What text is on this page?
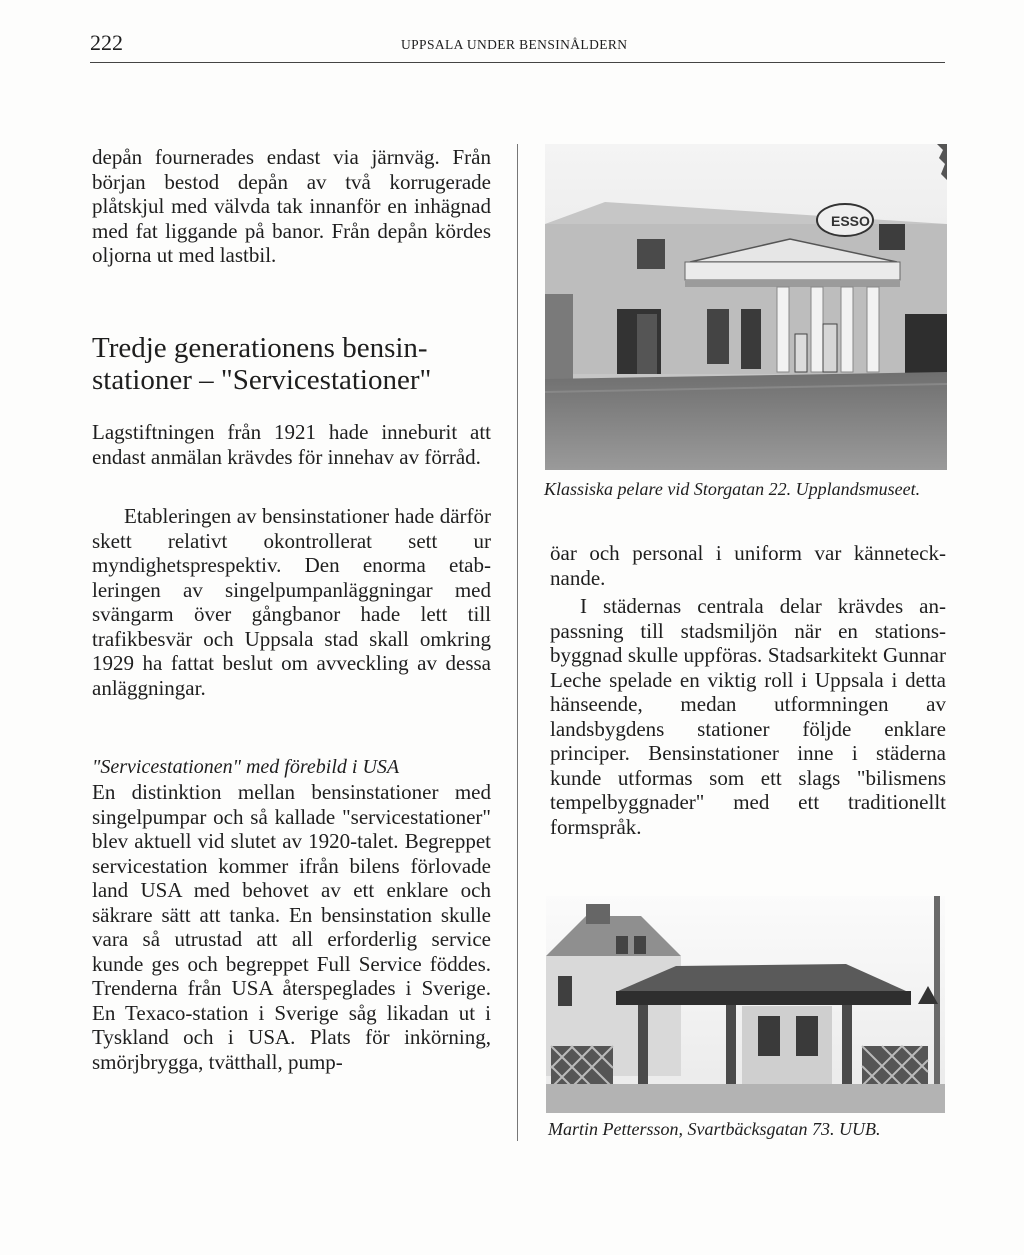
222	UPPSALA UNDER BENSINÅLDERN

depån fournerades endast via järnväg. Från början bestod depån av två korrugerade plåtskjul med välvda tak innanför en inhägnad med fat liggande på banor. Från depån kördes oljorna ut med lastbil.

Tredje generationens bensin-
stationer – "Servicestationer"

Lagstiftningen från 1921 hade inneburit att endast anmälan krävdes för innehav av förråd.

Etableringen av bensinstationer hade därför skett relativt okontrollerat sett ur myndighetsprespektiv. Den enorma etableringen av singelpumpanläggningar med svängarm över gångbanor hade lett till trafikbesvär och Uppsala stad skall omkring 1929 ha fattat beslut om avveckling av dessa anläggningar.

"Servicestationen" med förebild i USA

En distinktion mellan bensinstationer med singelpumpar och så kallade "servicestationer" blev aktuell vid slutet av 1920-talet. Begreppet servicestation kommer ifrån bilens förlovade land USA med behovet av ett enklare och säkrare sätt att tanka. En bensinstation skulle vara så utrustad att all erforderlig service kunde ges och begreppet Full Service föddes. Trenderna från USA återspeglades i Sverige. En Texaco-station i Sverige såg likadan ut i Tyskland och i USA. Plats för inkörning, smörjbrygga, tvätthall, pump-

ESSO

Klassiska pelare vid Storgatan 22. Upplandsmuseet.

öar och personal i uniform var kännetecknande.

I städernas centrala delar krävdes anpassning till stadsmiljön när en stationsbyggnad skulle uppföras. Stadsarkitekt Gunnar Leche spelade en viktig roll i Uppsala i detta hänseende, medan utformningen av landsbygdens stationer följde enklare principer. Bensinstationer inne i städerna kunde utformas som ett slags "bilismens tempelbyggnader" med ett traditionellt formspråk.

Martin Pettersson, Svartbäcksgatan 73. UUB.
